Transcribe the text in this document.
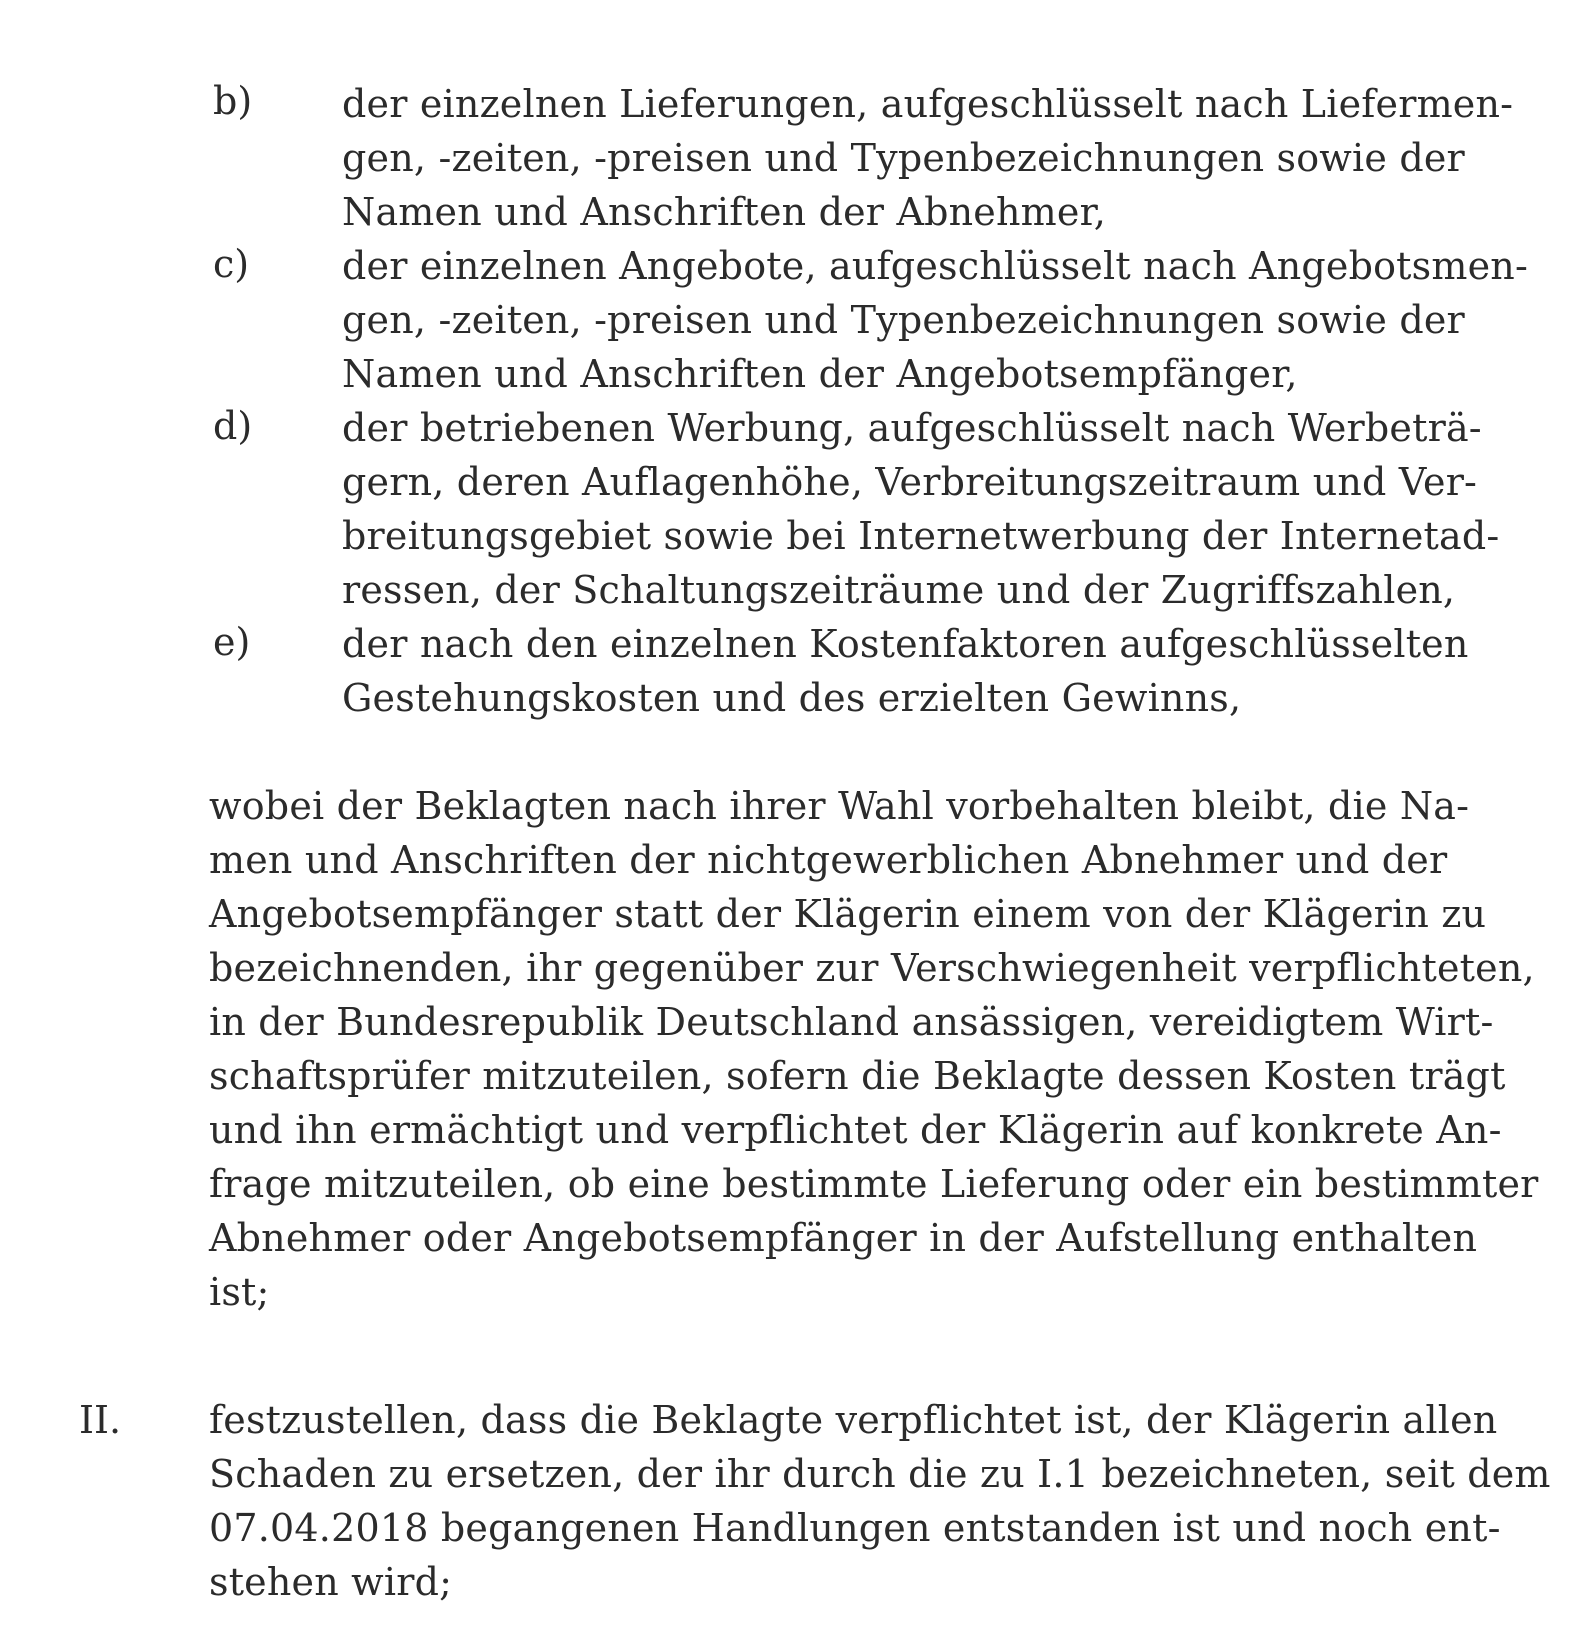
b) der einzelnen Lieferungen, aufgeschlüsselt nach Liefermen-
gen, -zeiten, -preisen und Typenbezeichnungen sowie der
Namen und Anschriften der Abnehmer,
c) der einzelnen Angebote, aufgeschlüsselt nach Angebotsmen-
gen, -zeiten, -preisen und Typenbezeichnungen sowie der
Namen und Anschriften der Angebotsempfänger,
d) der betriebenen Werbung, aufgeschlüsselt nach Werbeträ-
gern, deren Auflagenhöhe, Verbreitungszeitraum und Ver-
breitungsgebiet sowie bei Internetwerbung der Internetad-
ressen, der Schaltungszeiträume und der Zugriffszahlen,
e) der nach den einzelnen Kostenfaktoren aufgeschlüsselten
Gestehungskosten und des erzielten Gewinns,
wobei der Beklagten nach ihrer Wahl vorbehalten bleibt, die Na-
men und Anschriften der nichtgewerblichen Abnehmer und der
Angebotsempfänger statt der Klägerin einem von der Klägerin zu
bezeichnenden, ihr gegenüber zur Verschwiegenheit verpflichteten,
in der Bundesrepublik Deutschland ansässigen, vereidigtem Wirt-
schaftsprüfer mitzuteilen, sofern die Beklagte dessen Kosten trägt
und ihn ermächtigt und verpflichtet der Klägerin auf konkrete An-
frage mitzuteilen, ob eine bestimmte Lieferung oder ein bestimmter
Abnehmer oder Angebotsempfänger in der Aufstellung enthalten
ist;
II. festzustellen, dass die Beklagte verpflichtet ist, der Klägerin allen
Schaden zu ersetzen, der ihr durch die zu I.1 bezeichneten, seit dem
07.04.2018 begangenen Handlungen entstanden ist und noch ent-
stehen wird;
